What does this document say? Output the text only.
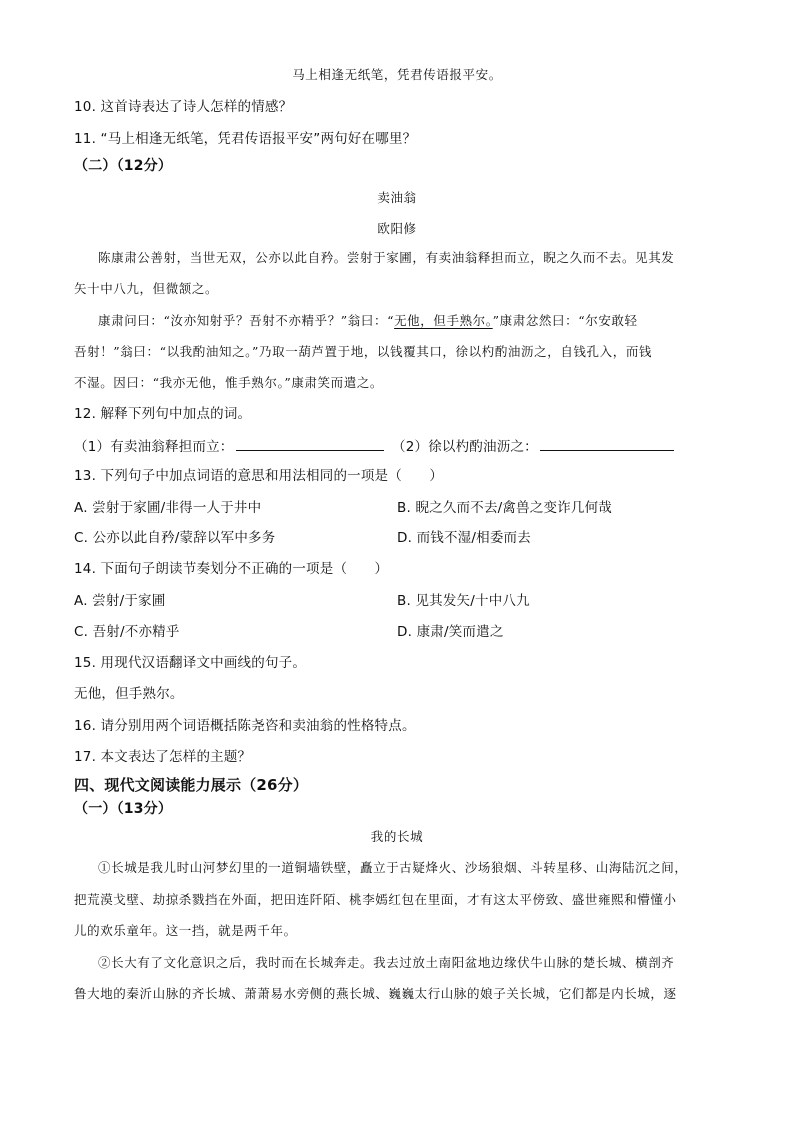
马上相逢无纸笔，凭君传语报平安。
10. 这首诗表达了诗人怎样的情感？
11. “马上相逢无纸笔，凭君传语报平安”两句好在哪里？
（二）（12分）
卖油翁
欧阳修
陈康肃公善射，当世无双，公亦以此自矜。尝射于家圃，有卖油翁释担而立，睨之久而不去。见其发
矢十中八九，但微颔之。
康肃问曰：“汝亦知射乎？吾射不亦精乎？”翁曰：“无他，但手熟尔。”康肃忿然曰：“尔安敢轻
吾射！”翁曰：“以我酌油知之。”乃取一葫芦置于地，以钱覆其口，徐以杓酌油沥之，自钱孔入，而钱
不湿。因曰：“我亦无他，惟手熟尔。”康肃笑而遣之。
12. 解释下列句中加点的词。
（1）有卖油翁释担而立：	（2）徐以杓酌油沥之：
13. 下列句子中加点词语的意思和用法相同的一项是（　　）
A. 尝射于家圃/非得一人于井中	B. 睨之久而不去/禽兽之变诈几何哉
C. 公亦以此自矜/蒙辞以军中多务	D. 而钱不湿/相委而去
14. 下面句子朗读节奏划分不正确的一项是（　　）
A. 尝射/于家圃	B. 见其发矢/十中八九
C. 吾射/不亦精乎	D. 康肃/笑而遣之
15. 用现代汉语翻译文中画线的句子。
无他，但手熟尔。
16. 请分别用两个词语概括陈尧咨和卖油翁的性格特点。
17. 本文表达了怎样的主题？
四、现代文阅读能力展示（26分）
（一）（13分）
我的长城
①长城是我儿时山河梦幻里的一道铜墙铁壁，矗立于古疑烽火、沙场狼烟、斗转星移、山海陆沉之间，
把荒漠戈壁、劫掠杀戮挡在外面，把田连阡陌、桃李嫣红包在里面，才有这太平傍致、盛世雍熙和懵懂小
儿的欢乐童年。这一挡，就是两千年。
②长大有了文化意识之后，我时而在长城奔走。我去过放土南阳盆地边缘伏牛山脉的楚长城、横剖齐
鲁大地的秦沂山脉的齐长城、萧萧易水旁侧的燕长城、巍巍太行山脉的娘子关长城，它们都是内长城，逐
